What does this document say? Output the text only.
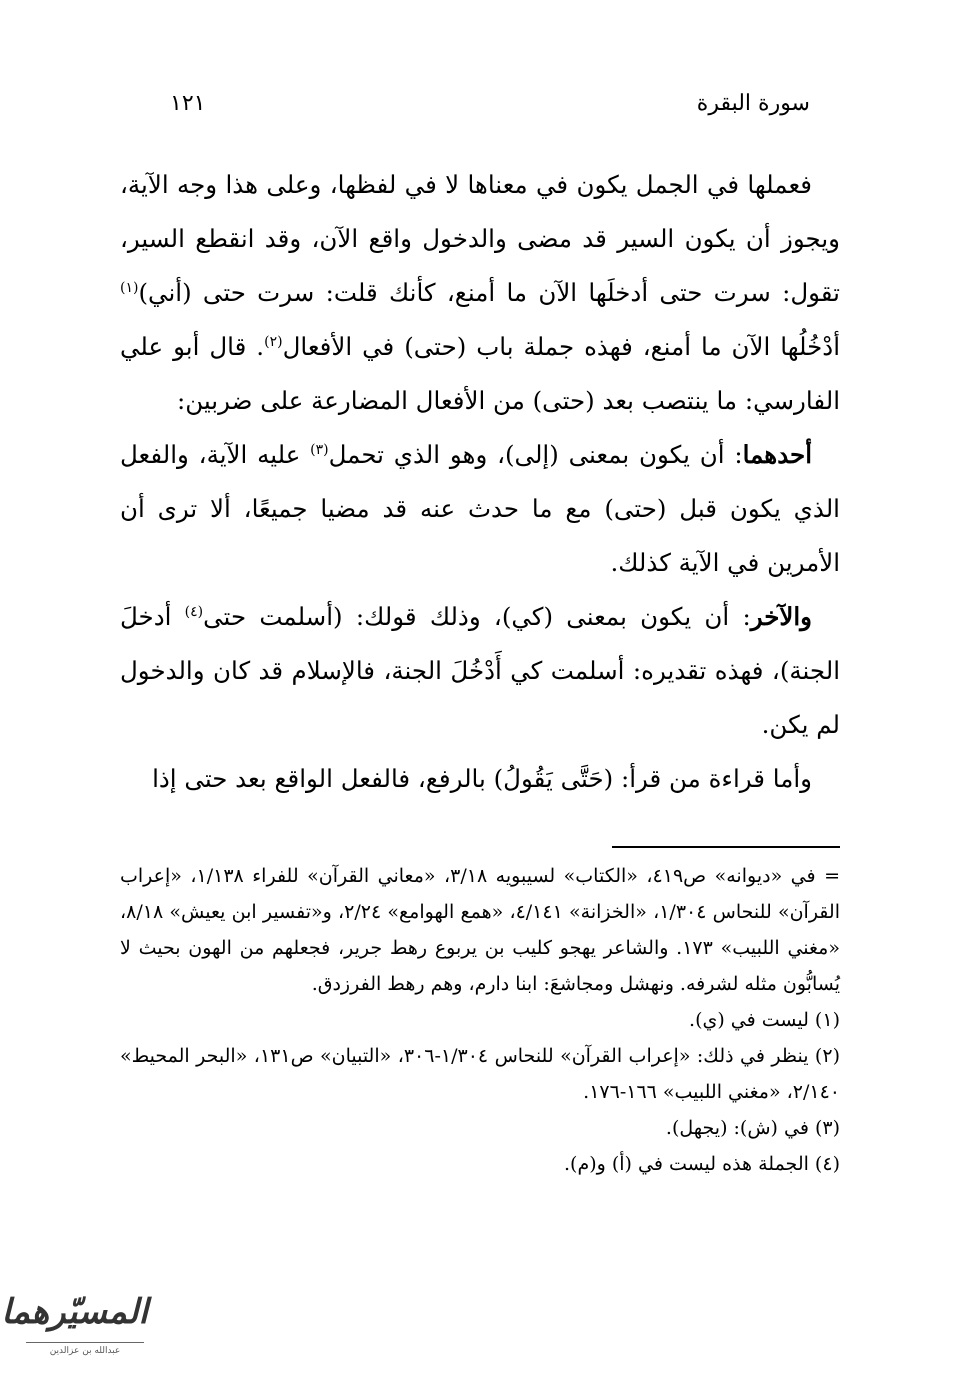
سورة البقرة
١٢١

فعملها في الجمل يكون في معناها لا في لفظها، وعلى هذا وجه الآية، ويجوز أن يكون السير قد مضى والدخول واقع الآن، وقد انقطع السير، تقول: سرت حتى أدخلَها الآن ما أمنع، كأنك قلت: سرت حتى (أني)$^{(١)}$ أدْخُلُها الآن ما أمنع، فهذه جملة باب (حتى) في الأفعال$^{(٢)}$. قال أبو علي الفارسي: ما ينتصب بعد (حتى) من الأفعال المضارعة على ضربين:

أحدهما: أن يكون بمعنى (إلى)، وهو الذي تحمل$^{(٣)}$ عليه الآية، والفعل الذي يكون قبل (حتى) مع ما حدث عنه قد مضيا جميعًا، ألا ترى أن الأمرين في الآية كذلك.

والآخر: أن يكون بمعنى (كي)، وذلك قولك: (أسلمت حتى$^{(٤)}$ أدخلَ الجنة)، فهذه تقديره: أسلمت كي أَدْخُلَ الجنة، فالإسلام قد كان والدخول لم يكن.

وأما قراءة من قرأ: (حَتَّى يَقُولُ) بالرفع، فالفعل الواقع بعد حتى إذا

= في «ديوانه» ص٤١٩، «الكتاب» لسيبويه ٣/١٨، «معاني القرآن» للفراء ١/١٣٨، «إعراب القرآن» للنحاس ١/٣٠٤، «الخزانة» ٤/١٤١، «همع الهوامع» ٢/٢٤، و«تفسير ابن يعيش» ٨/١٨، «مغني اللبيب» ١٧٣. والشاعر يهجو كليب بن يربوع رهط جرير، فجعلهم من الهون بحيث لا يُسابُّون مثله لشرفه. ونهشل ومجاشعَ: ابنا دارم، وهم رهط الفرزدق.

(١) ليست في (ي).

(٢) ينظر في ذلك: «إعراب القرآن» للنحاس ١/٣٠٤-٣٠٦، «التبيان» ص١٣١، «البحر المحيط» ٢/١٤٠، «مغني اللبيب» ١٦٦-١٧٦.

(٣) في (ش): (يجهل).

(٤) الجملة هذه ليست في (أ) و(م).

المسيّرهما
عبدالله بن عزالدين
